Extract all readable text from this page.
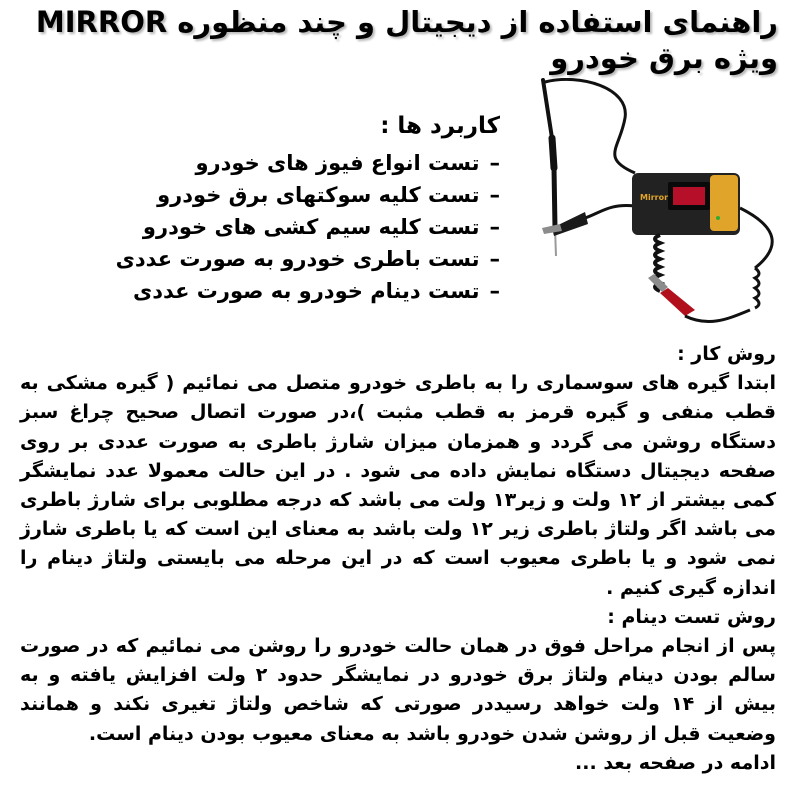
راهنمای استفاده از دیجیتال و چند منظوره MIRROR
ویژه برق خودرو
کاربرد ها :
–تست انواع فیوز های خودرو
–تست کلیه سوکتهای برق خودرو
–تست کلیه سیم کشی های خودرو
–تست باطری خودرو به صورت عددی
–تست دینام خودرو به صورت عددی
Mirror

روش کار :

ابتدا گیره های سوسماری را به باطری خودرو متصل می نمائیم ( گیره مشکی به قطب منفی و گیره قرمز به قطب مثبت )،در صورت اتصال صحیح چراغ سبز دستگاه روشن می گردد و همزمان میزان شارژ باطری به صورت عددی بر روی صفحه دیجیتال دستگاه نمایش داده می شود . در این حالت معمولا عدد نمایشگر کمی بیشتر از ۱۲ ولت و زیر۱۳ ولت می باشد که درجه مطلوبی برای شارژ باطری می باشد اگر ولتاژ باطری زیر ۱۲ ولت باشد به معنای این است که یا باطری شارژ نمی شود و یا باطری معیوب است که در این مرحله می بایستی ولتاژ دینام را اندازه گیری کنیم .

روش تست دینام :

پس از انجام مراحل فوق در همان حالت خودرو را روشن می نمائیم که در صورت سالم بودن دینام ولتاژ برق خودرو در نمایشگر حدود ۲ ولت افزایش یافته و به بیش از ۱۴ ولت خواهد رسیددر صورتی که شاخص ولتاژ تغیری نکند و همانند وضعیت قبل از روشن شدن خودرو باشد به معنای معیوب بودن دینام است.

ادامه در صفحه بعد ...
